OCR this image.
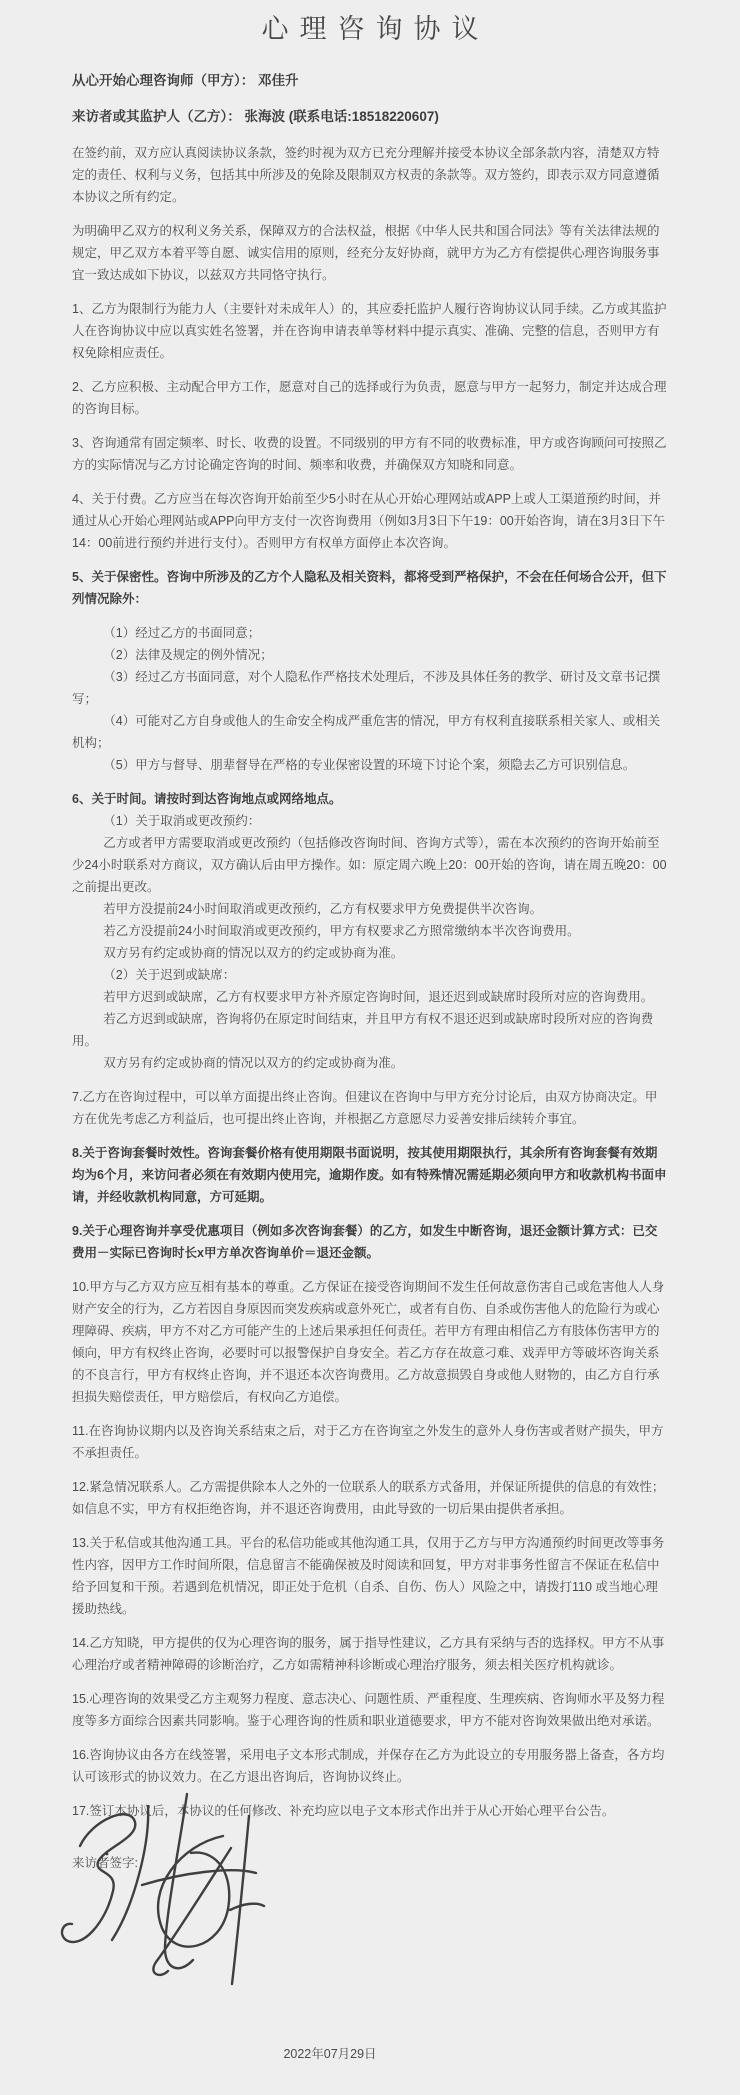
心理咨询协议

从心开始心理咨询师（甲方）： 邓佳升

来访者或其监护人（乙方）： 张海波 (联系电话:18518220607)

在签约前，双方应认真阅读协议条款，签约时视为双方已充分理解并接受本协议全部条款内容，清楚双方特定的责任、权利与义务，包括其中所涉及的免除及限制双方权责的条款等。双方签约，即表示双方同意遵循本协议之所有约定。

为明确甲乙双方的权利义务关系，保障双方的合法权益，根据《中华人民共和国合同法》等有关法律法规的规定，甲乙双方本着平等自愿、诚实信用的原则，经充分友好协商，就甲方为乙方有偿提供心理咨询服务事宜一致达成如下协议，以兹双方共同恪守执行。

1、乙方为限制行为能力人（主要针对未成年人）的，其应委托监护人履行咨询协议认同手续。乙方或其监护人在咨询协议中应以真实姓名签署，并在咨询申请表单等材料中提示真实、准确、完整的信息，否则甲方有权免除相应责任。

2、乙方应积极、主动配合甲方工作，愿意对自己的选择或行为负责，愿意与甲方一起努力，制定并达成合理的咨询目标。

3、咨询通常有固定频率、时长、收费的设置。不同级别的甲方有不同的收费标准，甲方或咨询顾问可按照乙方的实际情况与乙方讨论确定咨询的时间、频率和收费，并确保双方知晓和同意。

4、关于付费。乙方应当在每次咨询开始前至少5小时在从心开始心理网站或APP上或人工渠道预约时间，并通过从心开始心理网站或APP向甲方支付一次咨询费用（例如3月3日下午19：00开始咨询，请在3月3日下午14：00前进行预约并进行支付）。否则甲方有权单方面停止本次咨询。

5、关于保密性。咨询中所涉及的乙方个人隐私及相关资料，都将受到严格保护，不会在任何场合公开，但下列情况除外：

（1）经过乙方的书面同意；

（2）法律及规定的例外情况；

（3）经过乙方书面同意，对个人隐私作严格技术处理后，不涉及具体任务的教学、研讨及文章书记撰写；

（4）可能对乙方自身或他人的生命安全构成严重危害的情况，甲方有权利直接联系相关家人、或相关机构；

（5）甲方与督导、朋辈督导在严格的专业保密设置的环境下讨论个案，须隐去乙方可识别信息。

6、关于时间。请按时到达咨询地点或网络地点。

（1）关于取消或更改预约：

乙方或者甲方需要取消或更改预约（包括修改咨询时间、咨询方式等），需在本次预约的咨询开始前至少24小时联系对方商议，双方确认后由甲方操作。如：原定周六晚上20：00开始的咨询，请在周五晚20：00之前提出更改。

若甲方没提前24小时间取消或更改预约，乙方有权要求甲方免费提供半次咨询。

若乙方没提前24小时间取消或更改预约，甲方有权要求乙方照常缴纳本半次咨询费用。

双方另有约定或协商的情况以双方的约定或协商为准。

（2）关于迟到或缺席：

若甲方迟到或缺席，乙方有权要求甲方补齐原定咨询时间，退还迟到或缺席时段所对应的咨询费用。

若乙方迟到或缺席，咨询将仍在原定时间结束，并且甲方有权不退还迟到或缺席时段所对应的咨询费用。

双方另有约定或协商的情况以双方的约定或协商为准。

7.乙方在咨询过程中，可以单方面提出终止咨询。但建议在咨询中与甲方充分讨论后，由双方协商决定。甲方在优先考虑乙方利益后，也可提出终止咨询，并根据乙方意愿尽力妥善安排后续转介事宜。

8.关于咨询套餐时效性。咨询套餐价格有使用期限书面说明，按其使用期限执行，其余所有咨询套餐有效期均为6个月，来访问者必须在有效期内使用完，逾期作废。如有特殊情况需延期必须向甲方和收款机构书面申请，并经收款机构同意，方可延期。

9.关于心理咨询并享受优惠项目（例如多次咨询套餐）的乙方，如发生中断咨询，退还金额计算方式：已交费用－实际已咨询时长x甲方单次咨询单价＝退还金额。

10.甲方与乙方双方应互相有基本的尊重。乙方保证在接受咨询期间不发生任何故意伤害自己或危害他人人身财产安全的行为，乙方若因自身原因而突发疾病或意外死亡，或者有自伤、自杀或伤害他人的危险行为或心理障碍、疾病，甲方不对乙方可能产生的上述后果承担任何责任。若甲方有理由相信乙方有肢体伤害甲方的倾向，甲方有权终止咨询，必要时可以报警保护自身安全。若乙方存在故意刁难、戏弄甲方等破坏咨询关系的不良言行，甲方有权终止咨询，并不退还本次咨询费用。乙方故意损毁自身或他人财物的，由乙方自行承担损失赔偿责任，甲方赔偿后，有权向乙方追偿。

11.在咨询协议期内以及咨询关系结束之后，对于乙方在咨询室之外发生的意外人身伤害或者财产损失，甲方不承担责任。

12.紧急情况联系人。乙方需提供除本人之外的一位联系人的联系方式备用，并保证所提供的信息的有效性；如信息不实，甲方有权拒绝咨询，并不退还咨询费用，由此导致的一切后果由提供者承担。

13.关于私信或其他沟通工具。平台的私信功能或其他沟通工具，仅用于乙方与甲方沟通预约时间更改等事务性内容，因甲方工作时间所限，信息留言不能确保被及时阅读和回复，甲方对非事务性留言不保证在私信中给予回复和干预。若遇到危机情况，即正处于危机（自杀、自伤、伤人）风险之中，请拨打110 或当地心理援助热线。

14.乙方知晓，甲方提供的仅为心理咨询的服务，属于指导性建议，乙方具有采纳与否的选择权。甲方不从事心理治疗或者精神障碍的诊断治疗，乙方如需精神科诊断或心理治疗服务，须去相关医疗机构就诊。

15.心理咨询的效果受乙方主观努力程度、意志决心、问题性质、严重程度、生理疾病、咨询师水平及努力程度等多方面综合因素共同影响。鉴于心理咨询的性质和职业道德要求，甲方不能对咨询效果做出绝对承诺。

16.咨询协议由各方在线签署，采用电子文本形式制成，并保存在乙方为此设立的专用服务器上备查，各方均认可该形式的协议效力。在乙方退出咨询后，咨询协议终止。

17.签订本协议后，本协议的任何修改、补充均应以电子文本形式作出并于从心开始心理平台公告。

来访者签字:

2022年07月29日
